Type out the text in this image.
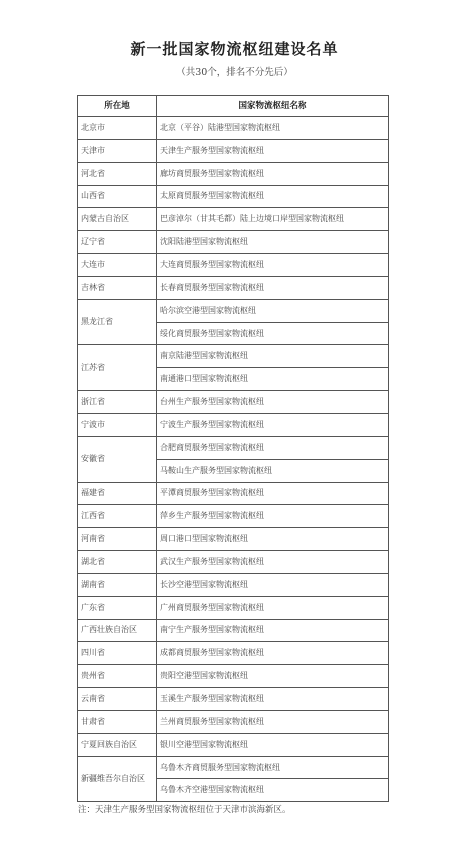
新一批国家物流枢纽建设名单

（共30个，排名不分先后）

所在地	国家物流枢纽名称
北京市	北京（平谷）陆港型国家物流枢纽
天津市	天津生产服务型国家物流枢纽
河北省	廊坊商贸服务型国家物流枢纽
山西省	太原商贸服务型国家物流枢纽
内蒙古自治区	巴彦淖尔（甘其毛都）陆上边境口岸型国家物流枢纽
辽宁省	沈阳陆港型国家物流枢纽
大连市	大连商贸服务型国家物流枢纽
吉林省	长春商贸服务型国家物流枢纽
黑龙江省	哈尔滨空港型国家物流枢纽
	绥化商贸服务型国家物流枢纽
江苏省	南京陆港型国家物流枢纽
	南通港口型国家物流枢纽
浙江省	台州生产服务型国家物流枢纽
宁波市	宁波生产服务型国家物流枢纽
安徽省	合肥商贸服务型国家物流枢纽
	马鞍山生产服务型国家物流枢纽
福建省	平潭商贸服务型国家物流枢纽
江西省	萍乡生产服务型国家物流枢纽
河南省	周口港口型国家物流枢纽
湖北省	武汉生产服务型国家物流枢纽
湖南省	长沙空港型国家物流枢纽
广东省	广州商贸服务型国家物流枢纽
广西壮族自治区	南宁生产服务型国家物流枢纽
四川省	成都商贸服务型国家物流枢纽
贵州省	贵阳空港型国家物流枢纽
云南省	玉溪生产服务型国家物流枢纽
甘肃省	兰州商贸服务型国家物流枢纽
宁夏回族自治区	银川空港型国家物流枢纽
新疆维吾尔自治区	乌鲁木齐商贸服务型国家物流枢纽
	乌鲁木齐空港型国家物流枢纽

注：天津生产服务型国家物流枢纽位于天津市滨海新区。
